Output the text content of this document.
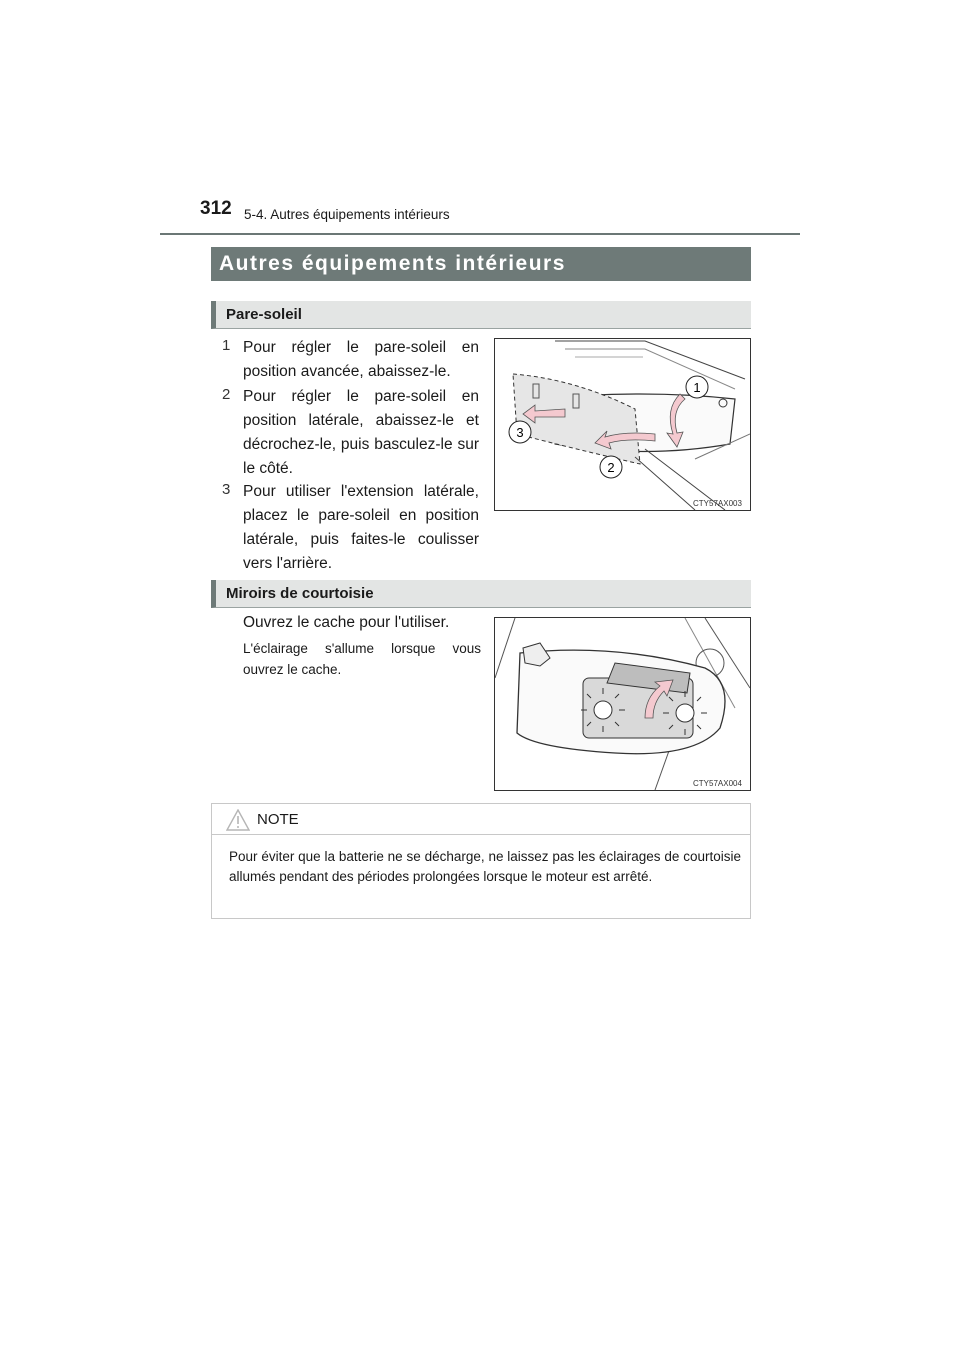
312 5-4. Autres équipements intérieurs
Autres équipements intérieurs
Pare-soleil
1 Pour régler le pare-soleil en position avancée, abaissez-le.
2 Pour régler le pare-soleil en position latérale, abaissez-le et décrochez-le, puis basculez-le sur le côté.
3 Pour utiliser l'extension latérale, placez le pare-soleil en position latérale, puis faites-le coulisser vers l'arrière.
1
3
2
CTY57AX003
Miroirs de courtoisie
Ouvrez le cache pour l'utiliser.
L'éclairage s'allume lorsque vous ouvrez le cache.
CTY57AX004
NOTE
Pour éviter que la batterie ne se décharge, ne laissez pas les éclairages de courtoisie allumés pendant des périodes prolongées lorsque le moteur est arrêté.
